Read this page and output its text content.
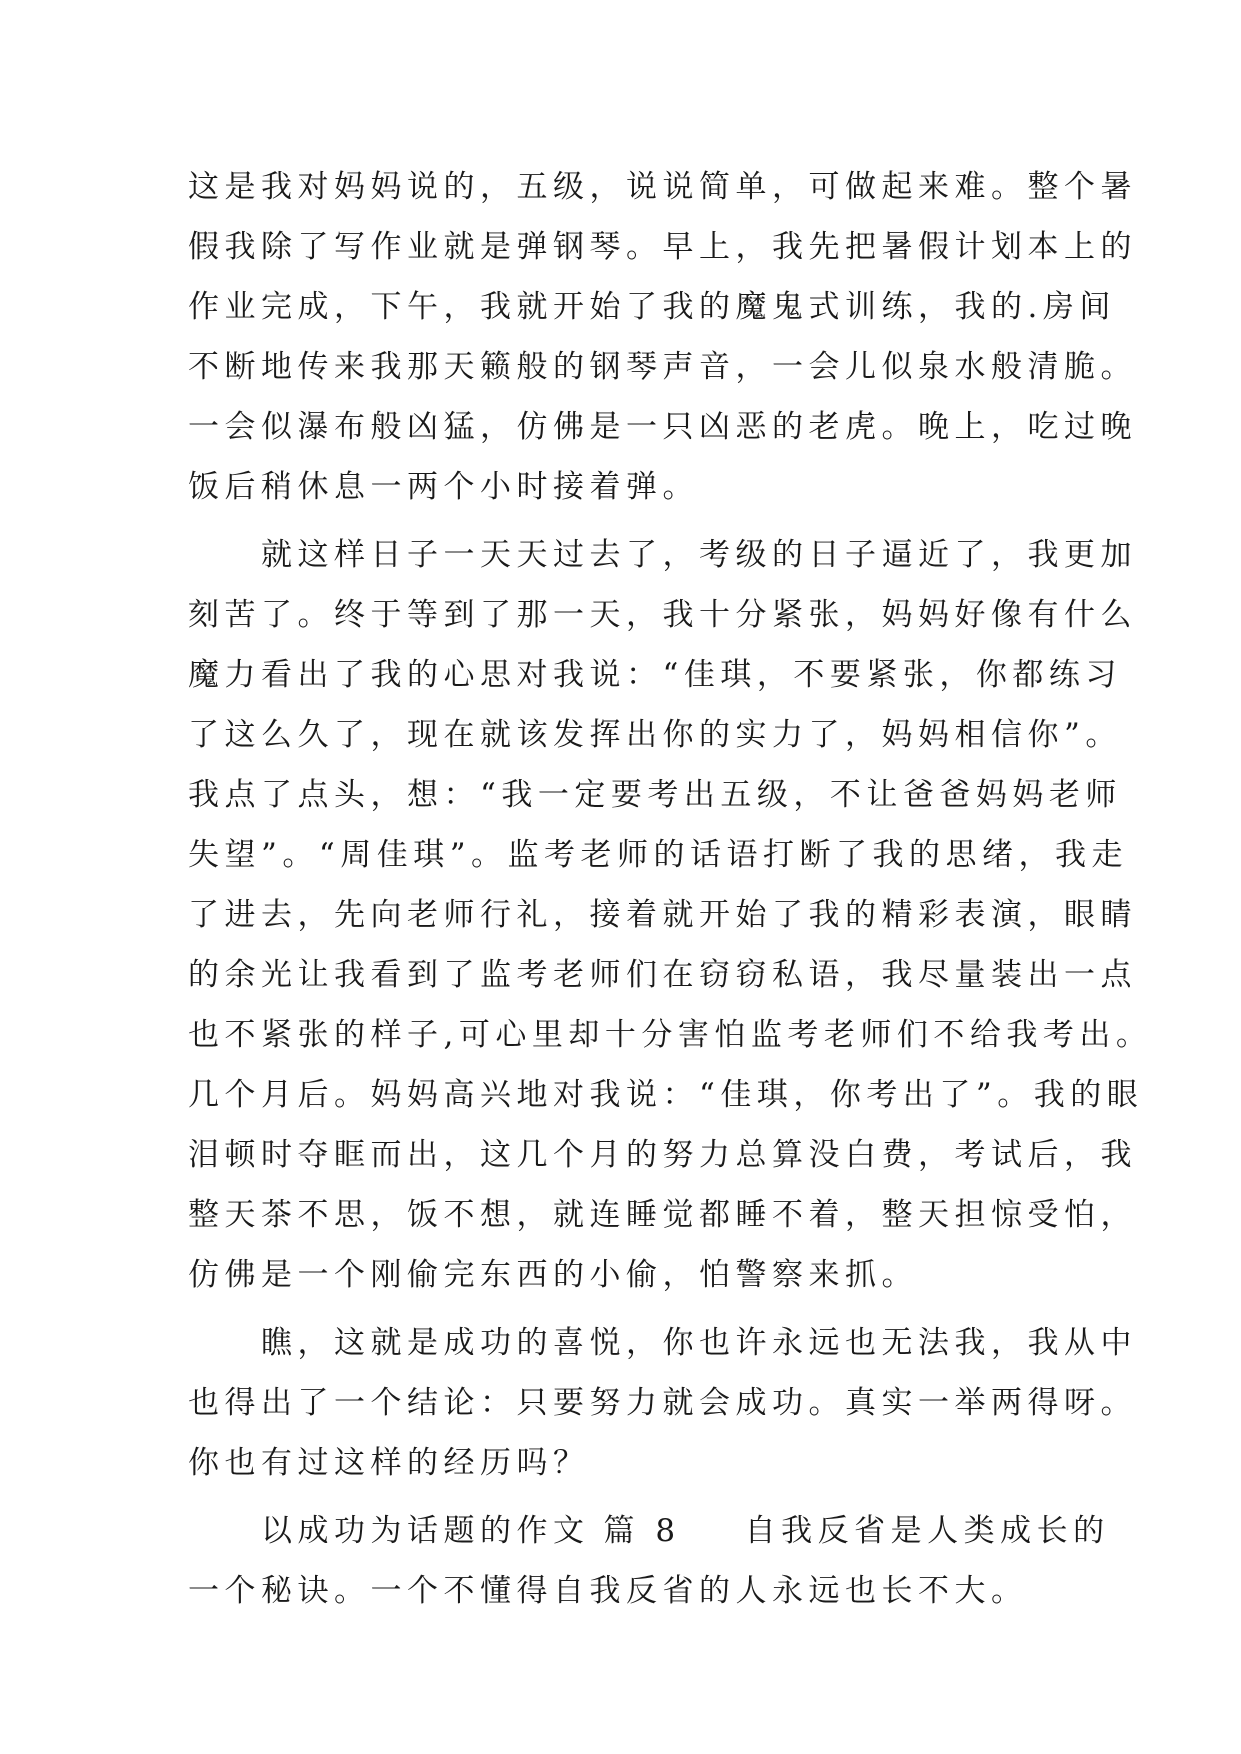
这是我对妈妈说的，五级，说说简单，可做起来难。整个暑
假我除了写作业就是弹钢琴。早上，我先把暑假计划本上的
作业完成，下午，我就开始了我的魔鬼式训练，我的.房间
不断地传来我那天籁般的钢琴声音，一会儿似泉水般清脆。
一会似瀑布般凶猛，仿佛是一只凶恶的老虎。晚上，吃过晚
饭后稍休息一两个小时接着弹。
　　就这样日子一天天过去了，考级的日子逼近了，我更加
刻苦了。终于等到了那一天，我十分紧张，妈妈好像有什么
魔力看出了我的心思对我说：“佳琪，不要紧张，你都练习
了这么久了，现在就该发挥出你的实力了，妈妈相信你”。
我点了点头，想：“我一定要考出五级，不让爸爸妈妈老师
失望”。“周佳琪”。监考老师的话语打断了我的思绪，我走
了进去，先向老师行礼，接着就开始了我的精彩表演，眼睛
的余光让我看到了监考老师们在窃窃私语，我尽量装出一点
也不紧张的样子,可心里却十分害怕监考老师们不给我考出。
几个月后。妈妈高兴地对我说：“佳琪，你考出了”。我的眼
泪顿时夺眶而出，这几个月的努力总算没白费，考试后，我
整天茶不思，饭不想，就连睡觉都睡不着，整天担惊受怕，
仿佛是一个刚偷完东西的小偷，怕警察来抓。
　　瞧，这就是成功的喜悦，你也许永远也无法我，我从中
也得出了一个结论：只要努力就会成功。真实一举两得呀。
你也有过这样的经历吗？
　　以成功为话题的作文 篇 8 自我反省是人类成长的
一个秘诀。一个不懂得自我反省的人永远也长不大。
